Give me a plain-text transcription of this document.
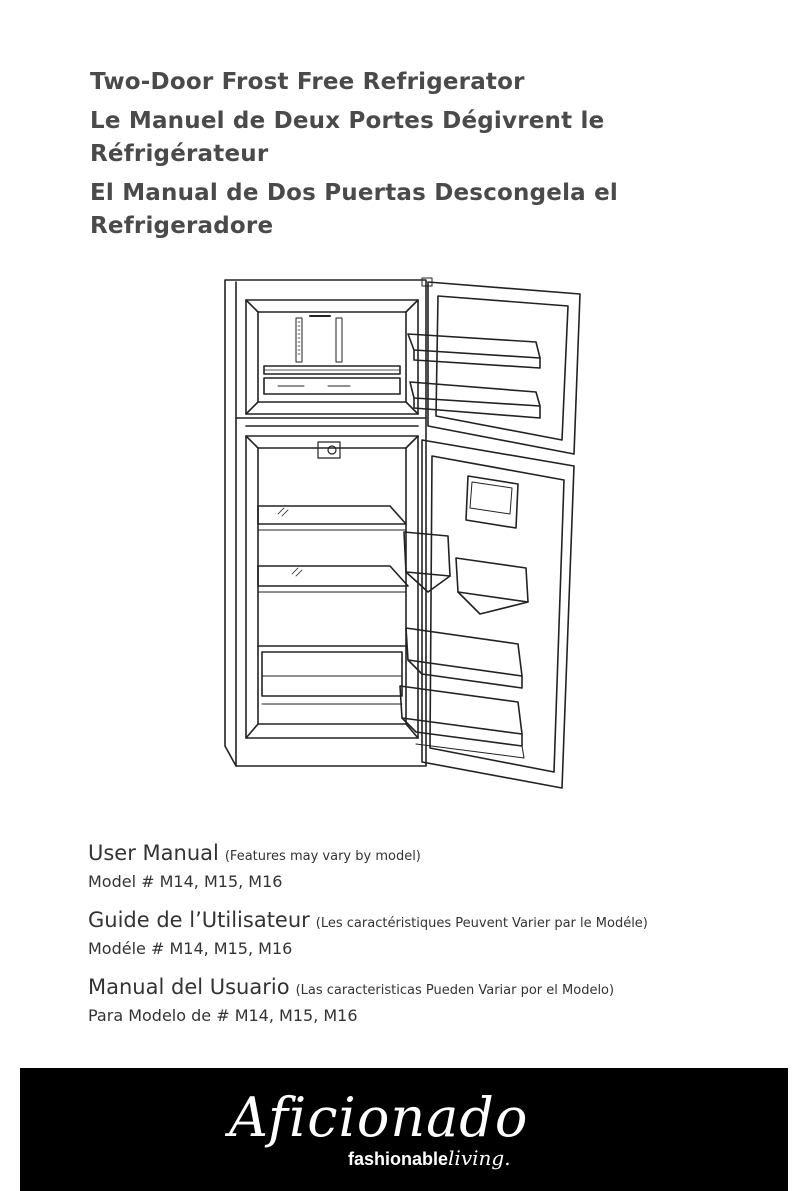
Two-Door Frost Free Refrigerator

Le Manuel de Deux Portes Dégivrent le Réfrigérateur

El Manual de Dos Puertas Descongela el Refrigeradore

User Manual (Features may vary by model)
Model # M14, M15, M16
Guide de l’Utilisateur (Les caractéristiques Peuvent Varier par le Modéle)
Modéle # M14, M15, M16
Manual del Usuario (Las caracteristicas Pueden Variar por el Modelo)
Para Modelo de # M14, M15, M16
Aficionado
fashionableliving.
